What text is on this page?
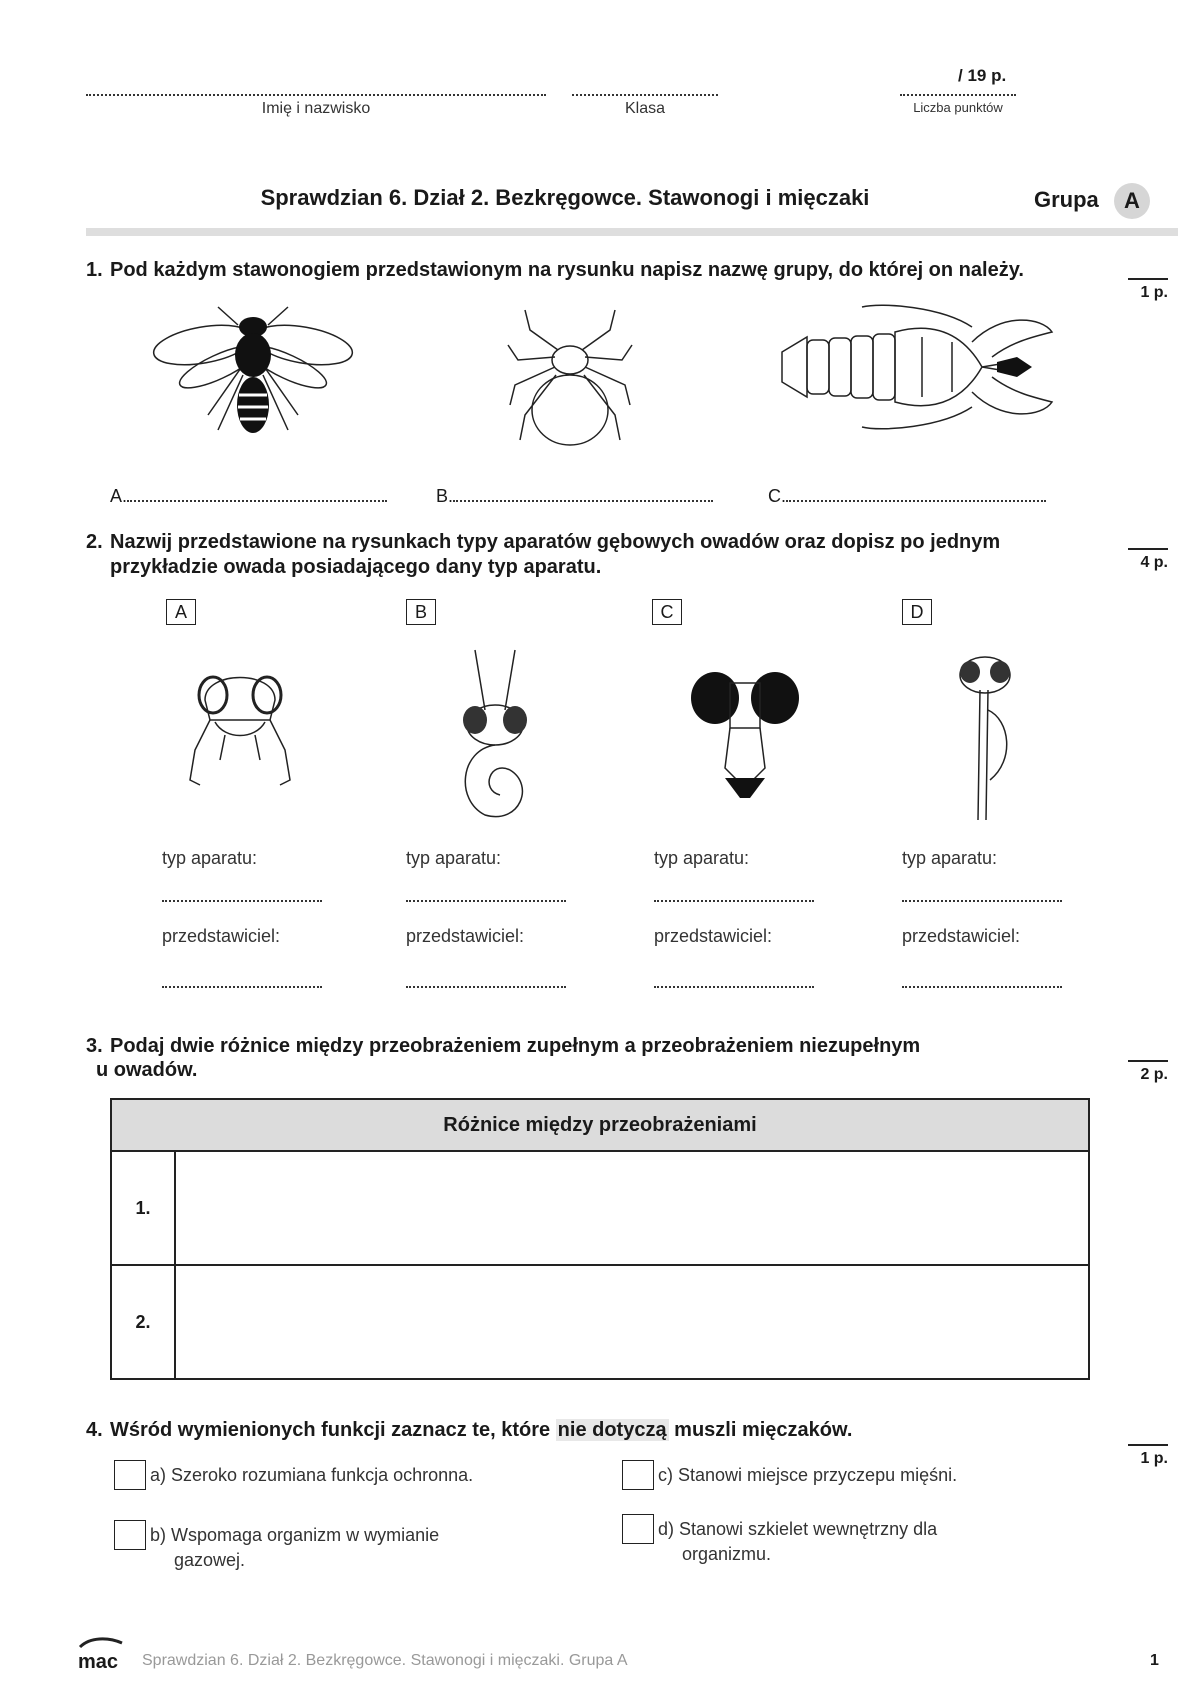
Imię i nazwisko	Klasa
/ 19 p.
Liczba punktów
Sprawdzian 6. Dział 2. Bezkręgowce. Stawonogi i mięczaki	Grupa	A
1. Pod każdym stawonogiem przedstawionym na rysunku napisz nazwę grupy, do której on należy.
1 p.
A.	B.	C.
2. Nazwij przedstawione na rysunkach typy aparatów gębowych owadów oraz dopisz po jednym
przykładzie owada posiadającego dany typ aparatu.	4 p.
A	B	C	D
typ aparatu:
przedstawiciel:
typ aparatu:
przedstawiciel:
typ aparatu:
przedstawiciel:
typ aparatu:
przedstawiciel:
3. Podaj dwie różnice między przeobrażeniem zupełnym a przeobrażeniem niezupełnym
u owadów.	2 p.
Różnice między przeobrażeniami	
1.	
2.	
4. Wśród wymienionych funkcji zaznacz te, które nie dotyczą muszli mięczaków.
1 p.
a) Szeroko rozumiana funkcja ochronna.
b) Wspomaga organizm w wymianie
gazowej.
c) Stanowi miejsce przyczepu mięśni.
d) Stanowi szkielet wewnętrzny dla
organizmu.
mac	Sprawdzian 6. Dział 2. Bezkręgowce. Stawonogi i mięczaki. Grupa A	1
